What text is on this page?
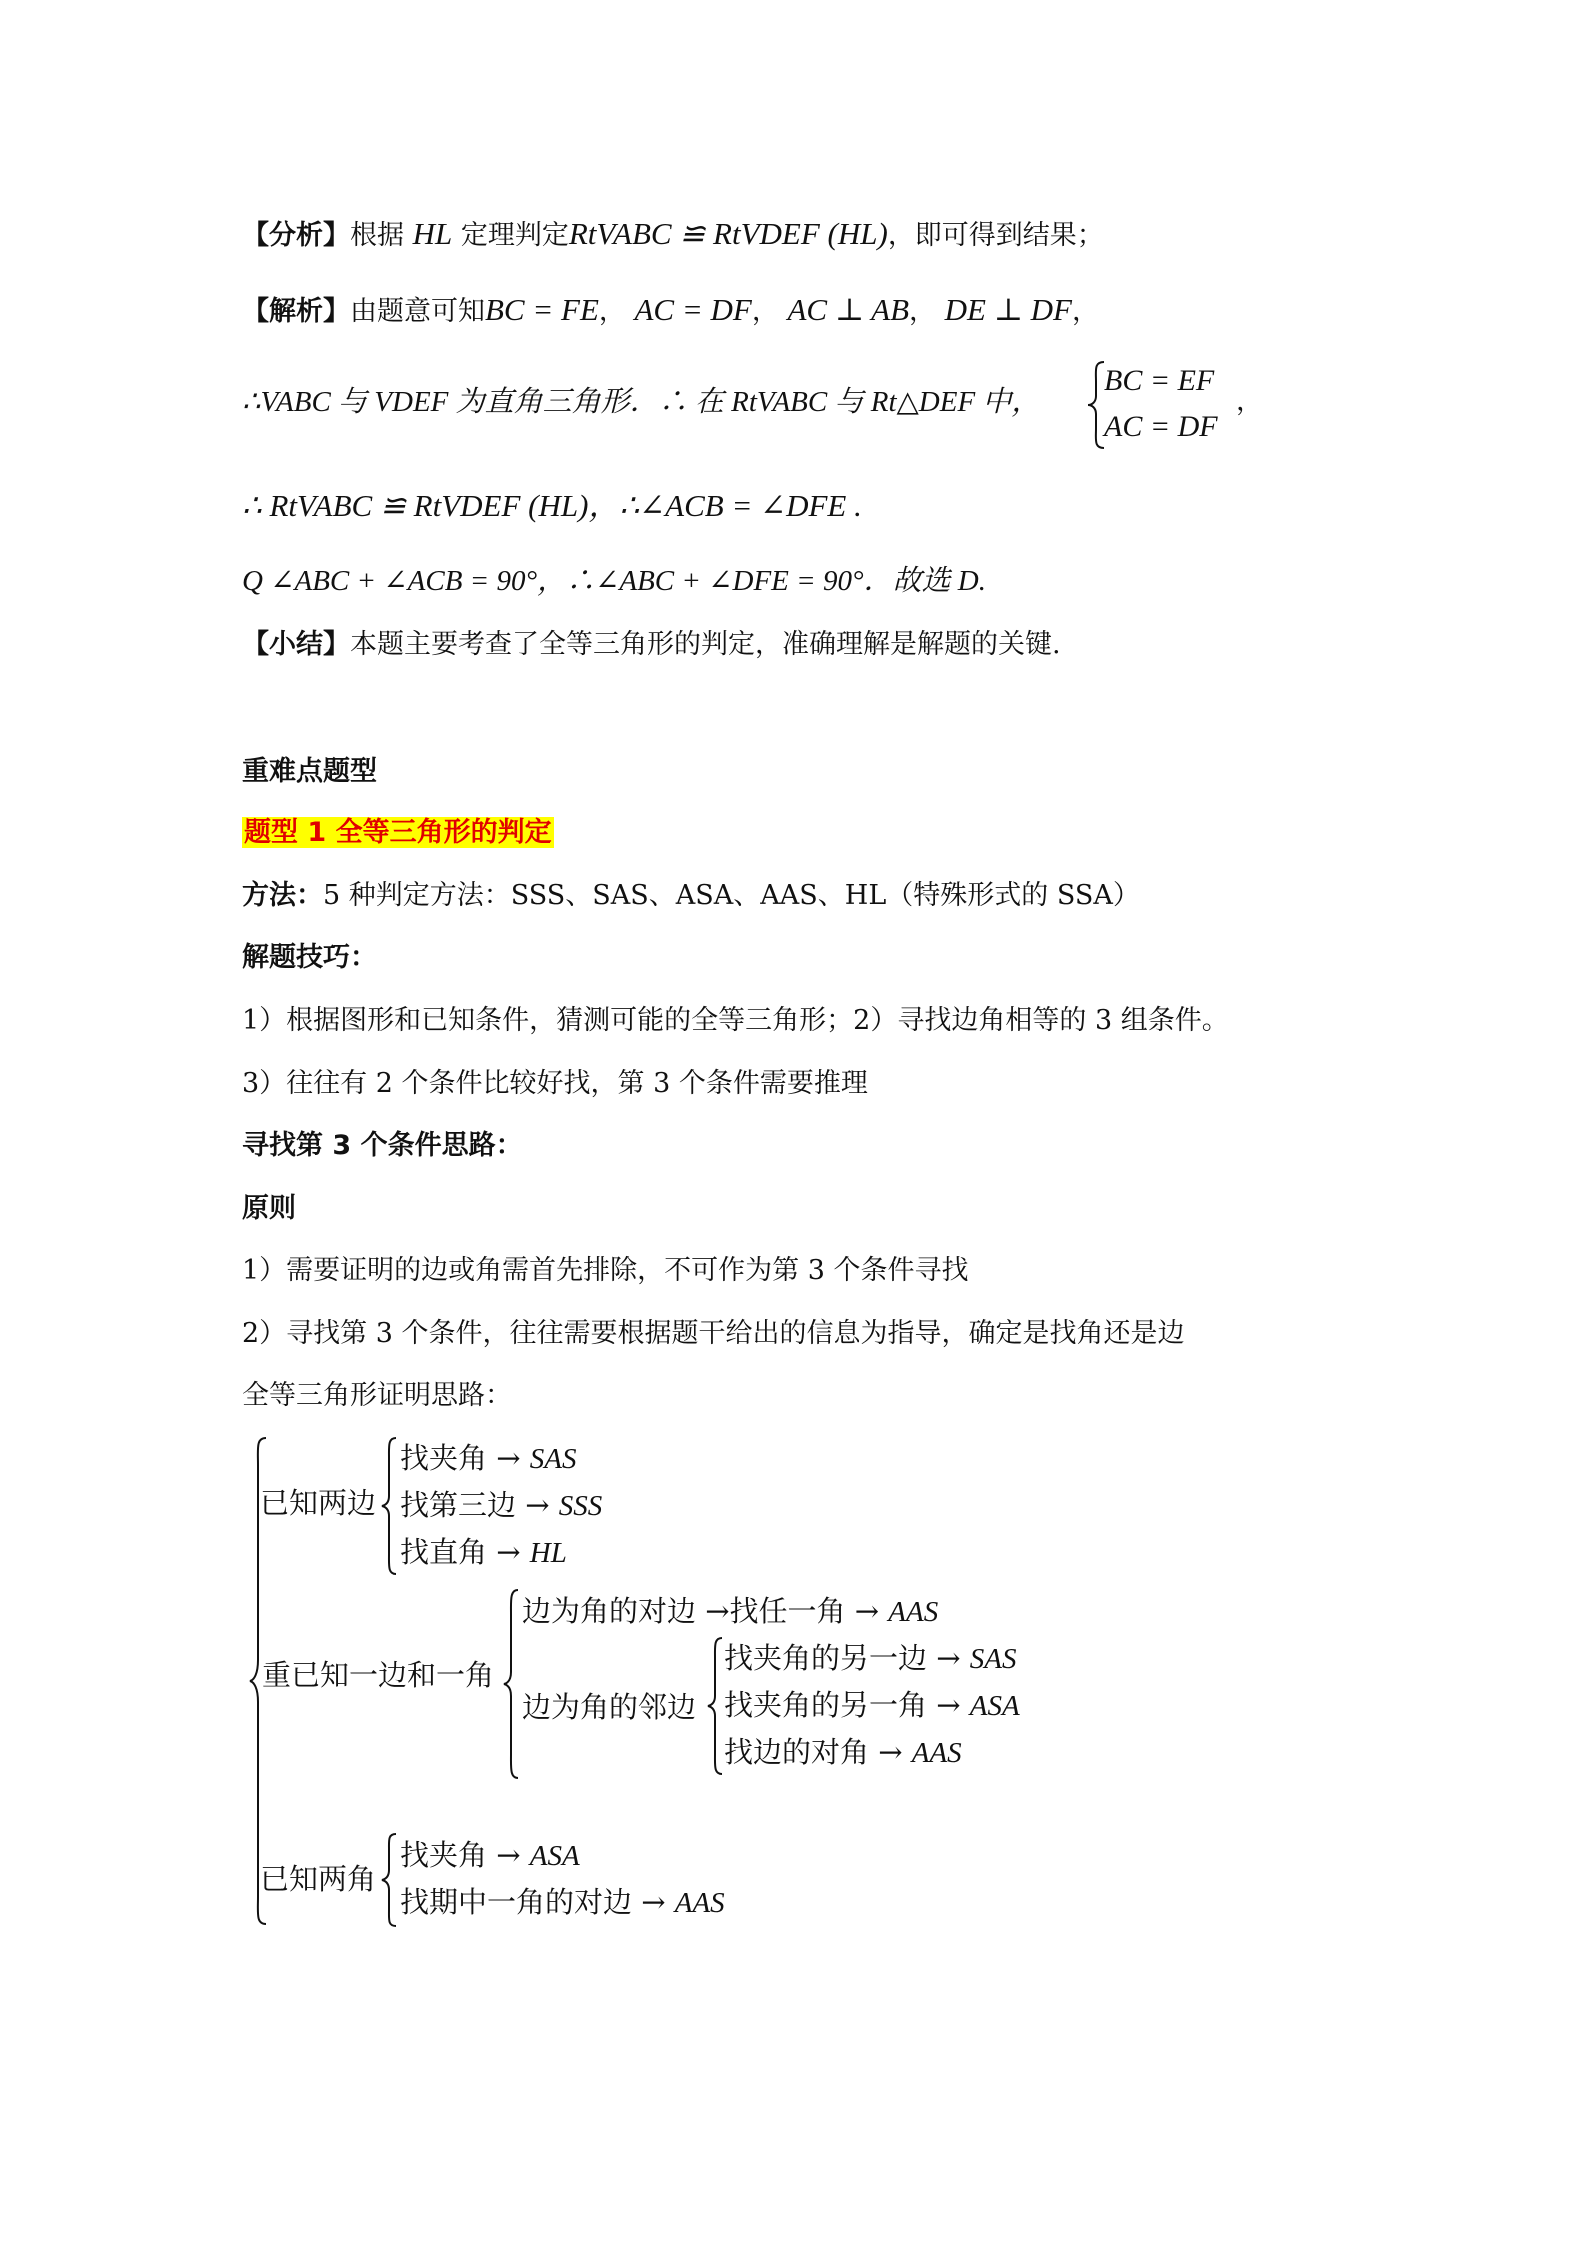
【分析】根据 HL 定理判定RtVABC ≌ RtVDEF (HL)，即可得到结果；
【解析】由题意可知BC = FE， AC = DF， AC ⊥ AB， DE ⊥ DF，
∴VABC 与 VDEF 为直角三角形．∴ 在 RtVABC 与 Rt△DEF 中，
BC = EF
AC = DF
，
∴ RtVABC ≌ RtVDEF (HL)，∴∠ACB = ∠DFE .
Q ∠ABC + ∠ACB = 90°，∴∠ABC + ∠DFE = 90°．故选 D.
【小结】本题主要考查了全等三角形的判定，准确理解是解题的关键.
重难点题型
题型 1 全等三角形的判定
方法：5 种判定方法：SSS、SAS、ASA、AAS、HL（特殊形式的 SSA）
解题技巧：
1）根据图形和已知条件，猜测可能的全等三角形；2）寻找边角相等的 3 组条件。
3）往往有 2 个条件比较好找，第 3 个条件需要推理
寻找第 3 个条件思路：
原则
1）需要证明的边或角需首先排除，不可作为第 3 个条件寻找
2）寻找第 3 个条件，往往需要根据题干给出的信息为指导，确定是找角还是边
全等三角形证明思路：
已知两边
找夹角 → SAS
找第三边 → SSS
找直角 → HL
重已知一边和一角
边为角的对边 →找任一角 → AAS
边为角的邻边
找夹角的另一边 → SAS
找夹角的另一角 → ASA
找边的对角 → AAS
已知两角
找夹角 → ASA
找期中一角的对边 → AAS
